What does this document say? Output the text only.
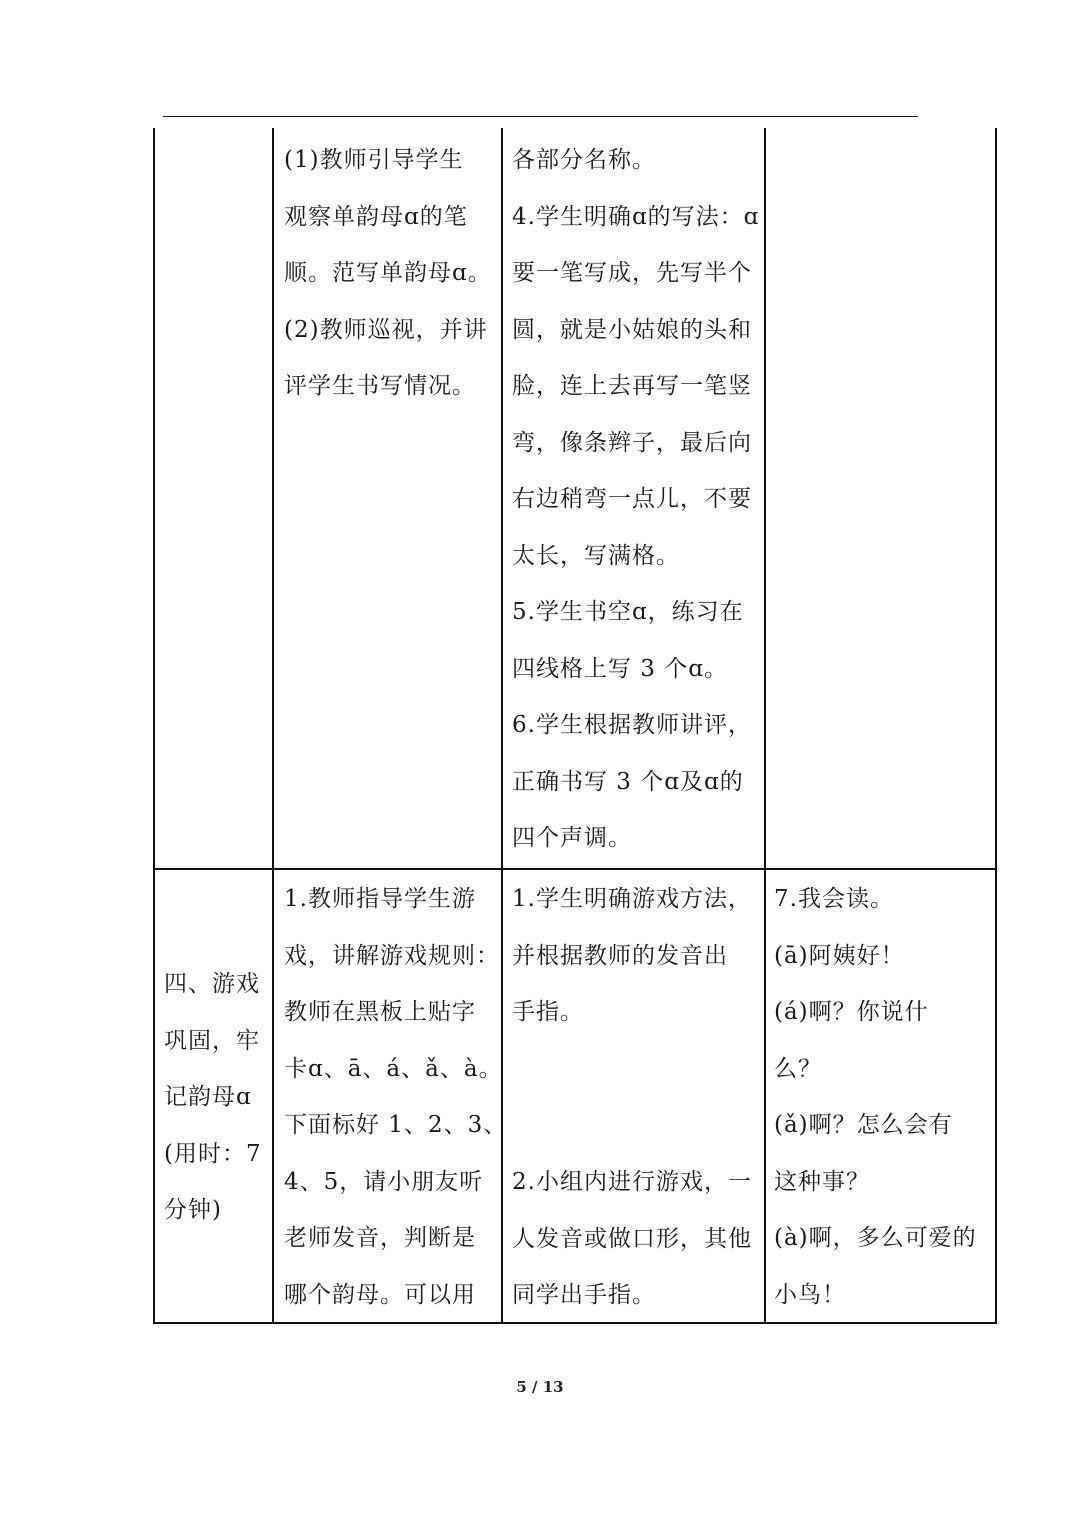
(1)教师引导学生
观察单韵母ɑ的笔
顺。范写单韵母ɑ。
(2)教师巡视，并讲
评学生书写情况。
各部分名称。
4.学生明确ɑ的写法：ɑ
要一笔写成，先写半个
圆，就是小姑娘的头和
脸，连上去再写一笔竖
弯，像条辫子，最后向
右边稍弯一点儿，不要
太长，写满格。
5.学生书空ɑ，练习在
四线格上写 3 个ɑ。
6.学生根据教师讲评，
正确书写 3 个ɑ及ɑ的
四个声调。
四、游戏
巩固，牢
记韵母ɑ
(用时：7
分钟)
1.教师指导学生游
戏，讲解游戏规则：
教师在黑板上贴字
卡ɑ、ā、á、ǎ、à。
下面标好 1、2、3、
4、5，请小朋友听
老师发音，判断是
哪个韵母。可以用
1.学生明确游戏方法，
并根据教师的发音出
手指。
2.小组内进行游戏，一
人发音或做口形，其他
同学出手指。
7.我会读。
(ā)阿姨好！
(á)啊？你说什
么？
(ǎ)啊？怎么会有
这种事？
(à)啊，多么可爱的
小鸟！
5 / 13
